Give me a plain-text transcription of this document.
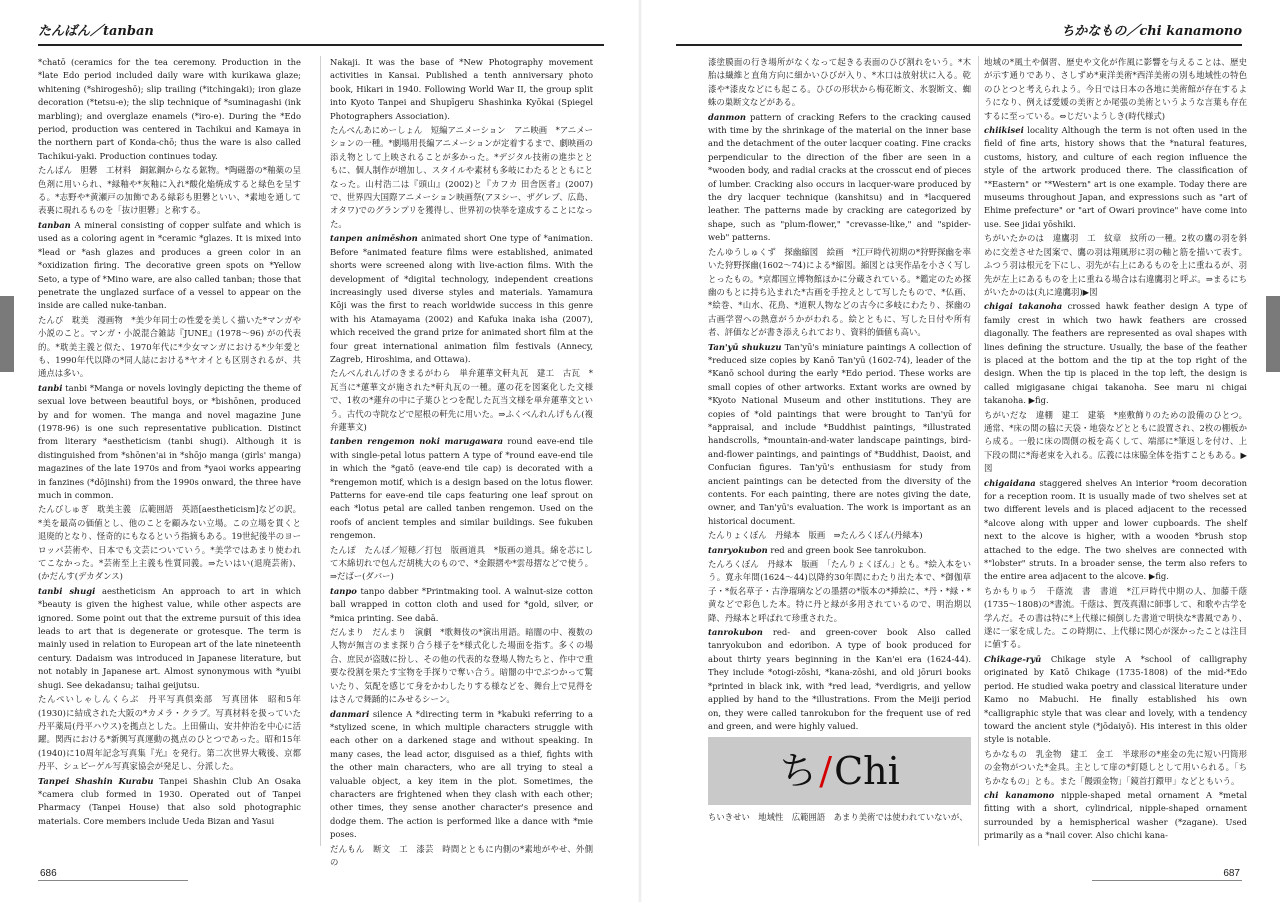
たんばん／tanban

*chatō (ceramics for the tea ceremony. Production in the *late Edo period included daily ware with kurikawa glaze; whitening (*shirogeshō); slip trailing (*itchingaki); iron glaze decoration (*tetsu-e); the slip technique of *suminagashi (ink marbling); and overglaze enamels (*iro-e). During the *Edo period, production was centered in Tachikui and Kamaya in the northern part of Konda-chō; thus the ware is also called Tachikui-yaki. Production continues today.

たんばん　胆礬　工材料　銅鉱鋼からなる鉱物。*陶磁器の*釉薬の呈色剤に用いられ、*緑釉や*灰釉に入れ*酸化焔焼成すると緑色を呈する。*志野や*黄瀬戸の加飾である緑彩も胆礬といい、*素地を通して表裏に現れるものを「抜け胆礬」と称する。

tanban A mineral consisting of copper sulfate and which is used as a coloring agent in *ceramic *glazes. It is mixed into *lead or *ash glazes and produces a green color in an *oxidization firing. The decorative green spots on *Yellow Seto, a type of *Mino ware, are also called tanban; those that penetrate the unglazed surface of a vessel to appear on the inside are called nuke-tanban.

たんび　耽美　漫画物　*美少年同士の性愛を美しく描いた*マンガや小説のこと。マンガ・小説混合雑誌『JUNE』(1978〜96) がの代表的。*耽美主義と似た、1970年代に*少女マンガにおける*少年愛とも、1990年代以降の*同人誌における*ヤオイとも区別されるが、共通点は多い。

tanbi tanbi *Manga or novels lovingly depicting the theme of sexual love between beautiful boys, or *bishōnen, produced by and for women. The manga and novel magazine June (1978-96) is one such representative publication. Distinct from literary *aestheticism (tanbi shugi). Although it is distinguished from *shōnen'ai in *shōjo manga (girls' manga) magazines of the late 1970s and from *yaoi works appearing in fanzines (*dōjinshi) from the 1990s onward, the three have much in common.

たんびしゅぎ　耽美主義　広範囲語　英語[aestheticism]などの訳。*美を最高の価値とし、他のことを顧みない立場。この立場を貫くと退廃的となり、怪奇的にもなるという指摘もある。19世紀後半のヨーロッパ芸術や、日本でも文芸についていう。*美学ではあまり使われてこなかった。*芸術至上主義も性質同義。⇒たいはい(退廃芸術)、(かだんす(デカダンス)

tanbi shugi aestheticism An approach to art in which *beauty is given the highest value, while other aspects are ignored. Some point out that the extreme pursuit of this idea leads to art that is degenerate or grotesque. The term is mainly used in relation to European art of the late nineteenth century. Dadaism was introduced in Japanese literature, but not notably in Japanese art. Almost synonymous with *yuibi shugi. See dekadansu; taihai geijutsu.

たんぺいしゃしんくらぶ　丹平写真倶楽部　写真団体　昭和5年(1930)に結成された大阪の*カメラ・クラブ。写真材料を扱っていた丹平薬局(丹平ハウス)を拠点とした。上田備山、安井仲治を中心に活躍。関西における*新興写真運動の拠点のひとつであった。昭和15年(1940)に10周年記念写真集『光』を発行。第二次世界大戦後、京都丹平、シュピーゲル写真家協会が発足し、分派した。

Tanpei Shashin Kurabu Tanpei Shashin Club An Osaka *camera club formed in 1930. Operated out of Tanpei Pharmacy (Tanpei House) that also sold photographic materials. Core members include Ueda Bizan and Yasui

Nakaji. It was the base of *New Photography movement activities in Kansai. Published a tenth anniversary photo book, Hikari in 1940. Following World War II, the group split into Kyoto Tanpei and Shupīgeru Shashinka Kyōkai (Spiegel Photographers Association).

たんぺんあにめーしょん　短編アニメーション　アニ映画　*アニメーションの一種。*劇場用長編アニメーションが定着するまで、劇映画の添え物として上映されることが多かった。*デジタル技術の進歩とともに、個人制作が増加し、スタイルや素材も多岐にわたるとともにとなった。山村浩二は『頭山』(2002)と『カフカ 田舎医者』(2007)で、世界四大国際アニメーション映画祭(アヌシー、ザグレブ、広島、オタワ)でのグランプリを獲得し、世界初の快挙を達成することになった。

tanpen animēshon animated short One type of *animation. Before *animated feature films were established, animated shorts were screened along with live-action films. With the development of *digital technology, independent creations increasingly used diverse styles and materials. Yamamura Kōji was the first to reach worldwide success in this genre with his Atamayama (2002) and Kafuka inaka isha (2007), which received the grand prize for animated short film at the four great international animation film festivals (Annecy, Zagreb, Hiroshima, and Ottawa).

たんべんれんげのきまるがわら　単弁蓮華文軒丸瓦　建工　古瓦　*瓦当に*蓮華文が施された*軒丸瓦の一種。蓮の花を図案化した文様で、1枚の*蓮弁の中に子葉ひとつを配した瓦当文様を単弁蓮華文という。古代の寺院などで屋根の軒先に用いた。⇒ふくべんれんげもん(複弁蓮華文)

tanben rengemon noki marugawara round eave-end tile with single-petal lotus pattern A type of *round eave-end tile in which the *gatō (eave-end tile cap) is decorated with a *rengemon motif, which is a design based on the lotus flower. Patterns for eave-end tile caps featuring one leaf sprout on each *lotus petal are called tanben rengemon. Used on the roofs of ancient temples and similar buildings. See fukuben rengemon.

たんぽ　たんぽ／短穂／打包　版画道具　*版画の道具。綿を芯にして木綿切れで包んだ胡桃大のもので、*金銀摺や*雲母摺などで使う。⇒だばー(ダバー)

tanpo tanpo dabber *Printmaking tool. A walnut-size cotton ball wrapped in cotton cloth and used for *gold, silver, or *mica printing. See dabā.

だんまり　だんまり　演劇　*歌舞伎の*演出用語。暗闇の中、複数の人物が無言のまま探り合う様子を*様式化した場面を指す。多くの場合、庶民が盗賊に扮し、その他の代表的な登場人物たちと、作中で重要な役割を果たす宝物を手探りで奪い合う。暗闇の中でぶつかって驚いたり、気配を感じて身をかわしたりする様などを、舞台上で見得をはさんで舞踊的にみせるシーン。

danmari silence A *directing term in *kabuki referring to a *stylized scene, in which multiple characters struggle with each other on a darkened stage and without speaking. In many cases, the lead actor, disguised as a thief, fights with the other main characters, who are all trying to steal a valuable object, a key item in the plot. Sometimes, the characters are frightened when they clash with each other; other times, they sense another character's presence and dodge them. The action is performed like a dance with *mie poses.

だんもん　断文　工　漆芸　時間とともに内側の*素地がやせ、外側の

686
ちかなもの／chi kanamono

漆塗膜面の行き場所がなくなって起きる表面のひび割れをいう。*木胎は繊維と直角方向に細かいひびが入り、*木口は放射状に入る。乾漆や*漆皮などにも起こる。ひびの形状から梅花断文、氷裂断文、蜘蛛の巣断文などがある。

danmon pattern of cracking Refers to the cracking caused with time by the shrinkage of the material on the inner base and the detachment of the outer lacquer coating. Fine cracks perpendicular to the direction of the fiber are seen in a *wooden body, and radial cracks at the crosscut end of pieces of lumber. Cracking also occurs in lacquer-ware produced by the dry lacquer technique (kanshitsu) and in *lacquered leather. The patterns made by cracking are categorized by shape, such as "plum-flower," "crevasse-like," and "spider-web" patterns.

たんゆうしゅくず　探幽縮図　絵画　*江戸時代初期の*狩野探幽を率いた狩野探幽(1602〜74)による*縮図。縮図とは実作品を小さく写しとったもの。*京都国立博物館ほかに分蔵されている。*鑑定のため探幽のもとに持ち込まれた*古画を手控えとして写したもので、*仏画、*絵巻、*山水、花鳥、*道釈人物などの古今に多岐にわたり、探幽の古画学習への熱意がうかがわれる。絵とともに、写した日付や所有者、評価などが書き添えられており、資料的価値も高い。

Tan'yū shukuzu Tan'yū's miniature paintings A collection of *reduced size copies by Kanō Tan'yū (1602-74), leader of the *Kanō school during the early *Edo period. These works are small copies of other artworks. Extant works are owned by *Kyoto National Museum and other institutions. They are copies of *old paintings that were brought to Tan'yū for *appraisal, and include *Buddhist paintings, *illustrated handscrolls, *mountain-and-water landscape paintings, bird-and-flower paintings, and paintings of *Buddhist, Daoist, and Confucian figures. Tan'yū's enthusiasm for study from ancient paintings can be detected from the diversity of the contents. For each painting, there are notes giving the date, owner, and Tan'yū's evaluation. The work is important as an historical document.

たんりょくぼん　丹緑本　版画　⇒たんろくぼん(丹緑本)

tanryokubon red and green book See tanrokubon.

たんろくぼん　丹緑本　版画　「たんりょくぼん」とも。*絵入本をいう。寛永年間(1624〜44)以降約30年間にわたり出た本で、*御伽草子・*仮名草子・古浄瑠璃などの墨摺の*版本の*挿絵に、*丹・*緑・*黄などで彩色した本。特に丹と緑が多用されているので、明治期以降、丹緑本と呼ばれて珍重された。

tanrokubon red- and green-cover book Also called tanryokubon and edoribon. A type of book produced for about thirty years beginning in the Kan'ei era (1624-44). They include *otogi-zōshi, *kana-zōshi, and old jōruri books *printed in black ink, with *red lead, *verdigris, and yellow applied by hand to the *illustrations. From the Meiji period on, they were called tanrokubon for the frequent use of red and green, and were highly valued.

ち / Chi

ちいきせい　地域性　広範囲語　あまり美術では使われていないが、

地域の*風土や個習、歴史や文化が作風に影響を与えることは、歴史が示す通りであり、さしずめ*東洋美術*西洋美術の別も地域性の特色のひとつと考えられよう。今日では日本の各地に美術館が存在するようになり、例えば愛媛の美術とか尾張の美術というような言葉も存在するに至っている。⇔じだいようしき(時代様式)

chiikisei locality Although the term is not often used in the field of fine arts, history shows that the *natural features, customs, history, and culture of each region influence the style of the artwork produced there. The classification of "*Eastern" or "*Western" art is one example. Today there are museums throughout Japan, and expressions such as "art of Ehime prefecture" or "art of Owari province" have come into use. See jidai yōshiki.

ちがいたかのは　違鷹羽　工　紋章　紋所の一種。2枚の鷹の羽を斜めに交差させた図案で、鷹の羽は翔風形に羽の軸と筋を描いて表す。ふつう羽は根元を下にし、羽先が右上にあるものを上に重ねるが、羽先が左上にあるものを上に重ねる場合は右違鷹羽と呼ぶ。⇒まるにちがいたかのは(丸に違鷹羽)▶図

chigai takanoha crossed hawk feather design A type of family crest in which two hawk feathers are crossed diagonally. The feathers are represented as oval shapes with lines defining the structure. Usually, the base of the feather is placed at the bottom and the tip at the top right of the design. When the tip is placed in the top left, the design is called migigasane chigai takanoha. See maru ni chigai takanoha. ▶fig.

ちがいだな　違棚　建工　建築　*座敷飾りのための設備のひとつ。通常、*床の間の脇に天袋・地袋などとともに設置され、2枚の棚板から成る。一般に床の間側の板を高くして、端部に*筆返しを付け、上下段の間に*海老束を入れる。広義には床脇全体を指すこともある。▶図

chigaidana staggered shelves An interior *room decoration for a reception room. It is usually made of two shelves set at two different levels and is placed adjacent to the recessed *alcove along with upper and lower cupboards. The shelf next to the alcove is higher, with a wooden *brush stop attached to the edge. The two shelves are connected with *"lobster" struts. In a broader sense, the term also refers to the entire area adjacent to the alcove. ▶fig.

ちかもりゅう　千蔭流　書　書道　*江戸時代中期の人、加藤千蔭(1735〜1808)の*書流。千蔭は、賀茂真淵に師事して、和歌や古学を学んだ。その書は特に*上代様に傾倒した書道で明快な*書風であり、遂に一家を成した。この時期に、上代様に関心が深かったことは注目に値する。

Chikage-ryū Chikage style A *school of calligraphy originated by Katō Chikage (1735-1808) of the mid-*Edo period. He studied waka poetry and classical literature under Kamo no Mabuchi. He finally established his own *calligraphic style that was clear and lovely, with a tendency toward the ancient style (*jōdaiyō). His interest in this older style is notable.

ちかなもの　乳金物　建工　金工　半球形の*座金の先に短い円筒形の金物がついた*金具。主として扉の*釘隠しとして用いられる。「ちちかなもの」とも。また「饅頭金物」「鏡首打鐶甲」などともいう。

chi kanamono nipple-shaped metal ornament A *metal fitting with a short, cylindrical, nipple-shaped ornament surrounded by a hemispherical washer (*zagane). Used primarily as a *nail cover. Also chichi kana-

687
